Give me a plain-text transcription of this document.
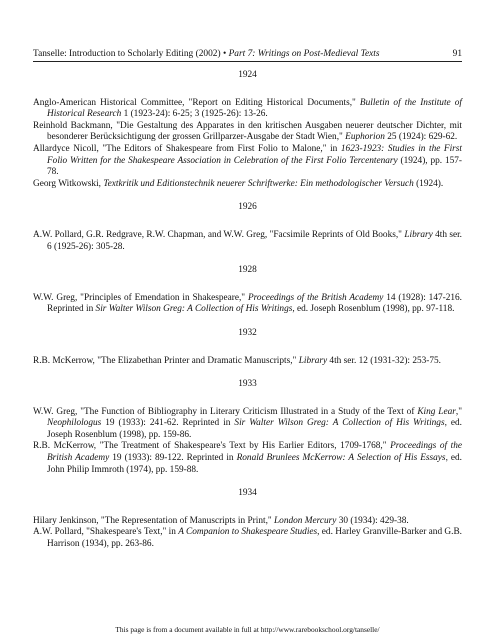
Tanselle: Introduction to Scholarly Editing (2002) • Part 7: Writings on Post-Medieval Texts	91
1924

Anglo-American Historical Committee, "Report on Editing Historical Documents," Bulletin of the Institute of Historical Research 1 (1923-24): 6-25; 3 (1925-26): 13-26.

Reinhold Backmann, "Die Gestaltung des Apparates in den kritischen Ausgaben neuerer deutscher Dichter, mit besonderer Berücksichtigung der grossen Grillparzer-Ausgabe der Stadt Wien," Euphorion 25 (1924): 629-62.

Allardyce Nicoll, "The Editors of Shakespeare from First Folio to Malone," in 1623-1923: Studies in the First Folio Written for the Shakespeare Association in Celebration of the First Folio Tercentenary (1924), pp. 157-78.

Georg Witkowski, Textkritik und Editionstechnik neuerer Schriftwerke: Ein methodologischer Versuch (1924).

1926

A.W. Pollard, G.R. Redgrave, R.W. Chapman, and W.W. Greg, "Facsimile Reprints of Old Books," Library 4th ser. 6 (1925-26): 305-28.

1928

W.W. Greg, "Principles of Emendation in Shakespeare," Proceedings of the British Academy 14 (1928): 147-216. Reprinted in Sir Walter Wilson Greg: A Collection of His Writings, ed. Joseph Rosenblum (1998), pp. 97-118.

1932

R.B. McKerrow, "The Elizabethan Printer and Dramatic Manuscripts," Library 4th ser. 12 (1931-32): 253-75.

1933

W.W. Greg, "The Function of Bibliography in Literary Criticism Illustrated in a Study of the Text of King Lear," Neophilologus 19 (1933): 241-62. Reprinted in Sir Walter Wilson Greg: A Collection of His Writings, ed. Joseph Rosenblum (1998), pp. 159-86.

R.B. McKerrow, "The Treatment of Shakespeare's Text by His Earlier Editors, 1709-1768," Proceedings of the British Academy 19 (1933): 89-122. Reprinted in Ronald Brunlees McKerrow: A Selection of His Essays, ed. John Philip Immroth (1974), pp. 159-88.

1934

Hilary Jenkinson, "The Representation of Manuscripts in Print," London Mercury 30 (1934): 429-38.

A.W. Pollard, "Shakespeare's Text," in A Companion to Shakespeare Studies, ed. Harley Granville-Barker and G.B. Harrison (1934), pp. 263-86.

This page is from a document available in full at http://www.rarebookschool.org/tanselle/
